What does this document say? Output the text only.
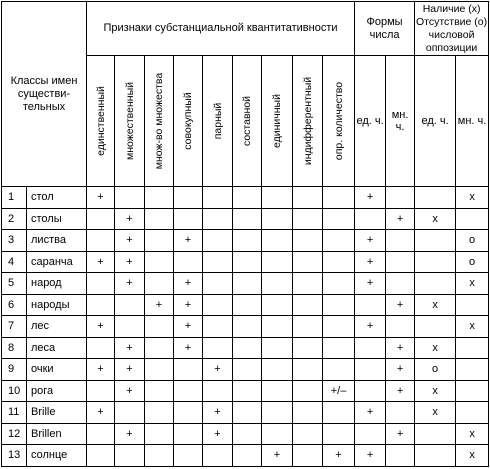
Классы имен существи-тельных		Признаки субстанциальной квантитативности									Формы числа		Наличие (x) Отсутствие (o) числовой оппозиции	

		единственный	множественный	множ-во множества	совокупный	парный	составной	единичный	индифферентный	опр. количество	ед. ч.	мн. ч.	ед. ч.	мн. ч.
1	стол	+									+			x
2	столы		+									+	x	
3	листва		+		+						+			o
4	саранча	+	+								+			o
5	народ		+		+						+			x
6	народы			+	+							+	x	
7	лес	+			+						+			x
8	леса		+		+							+	x	
9	очки	+	+			+						+	o	
10	рога		+							+/–		+	x	
11	Brille	+				+					+		x	
12	Brillen		+			+						+		x
13	солнце							+		+	+			x
